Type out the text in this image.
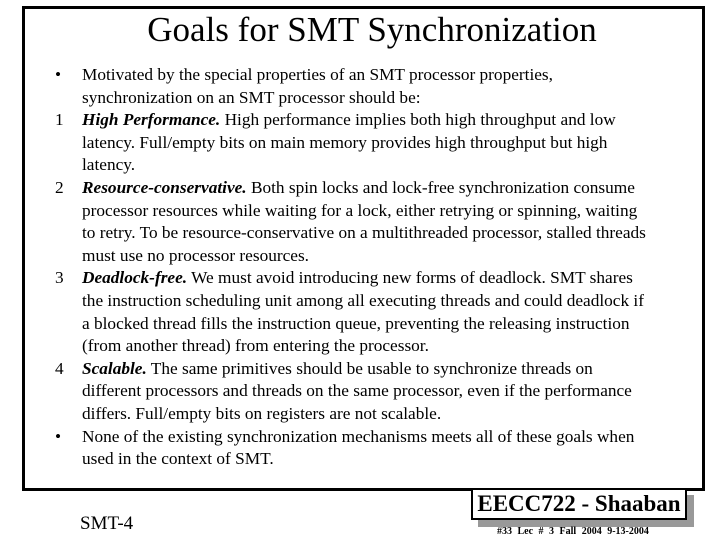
Goals for SMT Synchronization
•	Motivated by the special properties of an SMT processor properties,
synchronization on an SMT processor should be:
1	High Performance. High performance implies both high throughput and low
latency. Full/empty bits on main memory provides high throughput but high
latency.
2	Resource-conservative. Both spin locks and lock-free synchronization consume
processor resources while waiting for a lock, either retrying or spinning, waiting
to retry. To be resource-conservative on a multithreaded processor, stalled threads
must use no processor resources.
3	Deadlock-free. We must avoid introducing new forms of deadlock. SMT shares
the instruction scheduling unit among all executing threads and could deadlock if
a blocked thread fills the instruction queue, preventing the releasing instruction
(from another thread) from entering the processor.
4	Scalable. The same primitives should be usable to synchronize threads on
different processors and threads on the same processor, even if the performance
differs. Full/empty bits on registers are not scalable.
•	None of the existing synchronization mechanisms meets all of these goals when
used in the context of SMT.
EECC722 - Shaaban
SMT-4	#33 Lec # 3 Fall 2004 9-13-2004
